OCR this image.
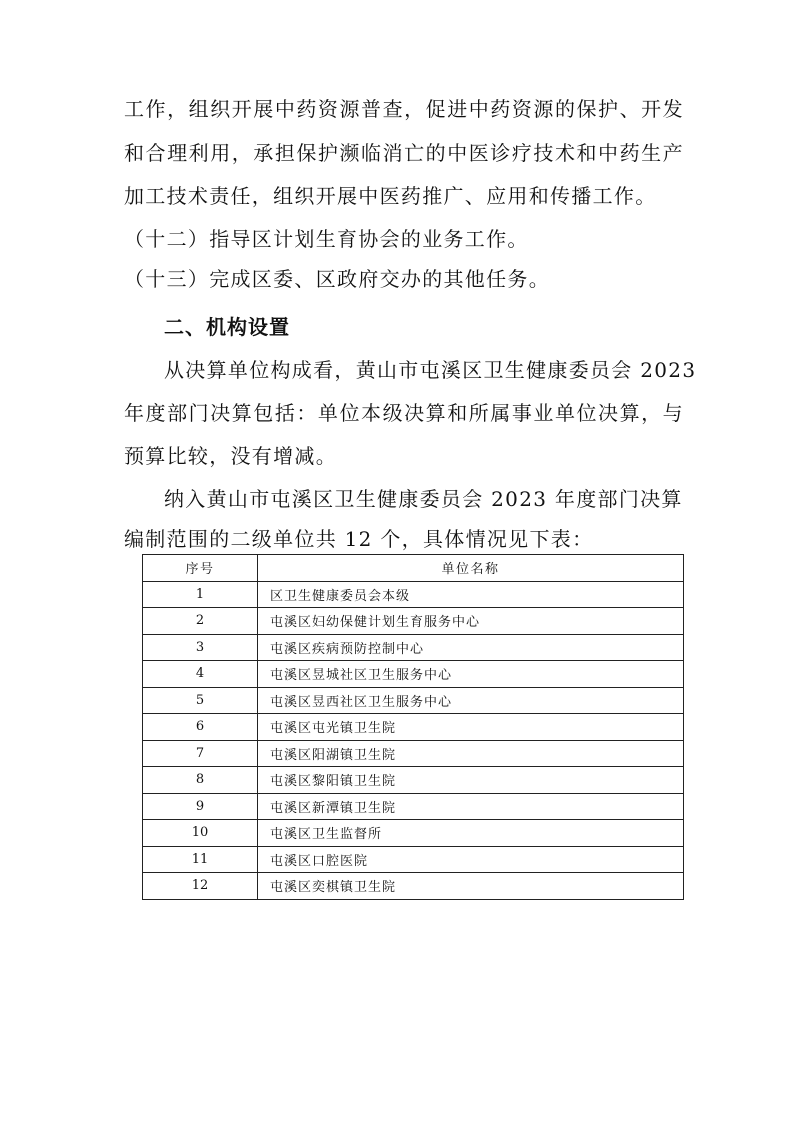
工作，组织开展中药资源普查，促进中药资源的保护、开发
和合理利用，承担保护濒临消亡的中医诊疗技术和中药生产
加工技术责任，组织开展中医药推广、应用和传播工作。
（十二）指导区计划生育协会的业务工作。
（十三）完成区委、区政府交办的其他任务。
二、机构设置
从决算单位构成看，黄山市屯溪区卫生健康委员会 2023
年度部门决算包括：单位本级决算和所属事业单位决算，与
预算比较，没有增减。
纳入黄山市屯溪区卫生健康委员会 2023 年度部门决算
编制范围的二级单位共 12 个，具体情况见下表：
序号	单位名称
1	区卫生健康委员会本级
2	屯溪区妇幼保健计划生育服务中心
3	屯溪区疾病预防控制中心
4	屯溪区昱城社区卫生服务中心
5	屯溪区昱西社区卫生服务中心
6	屯溪区屯光镇卫生院
7	屯溪区阳湖镇卫生院
8	屯溪区黎阳镇卫生院
9	屯溪区新潭镇卫生院
10	屯溪区卫生监督所
11	屯溪区口腔医院
12	屯溪区奕棋镇卫生院
